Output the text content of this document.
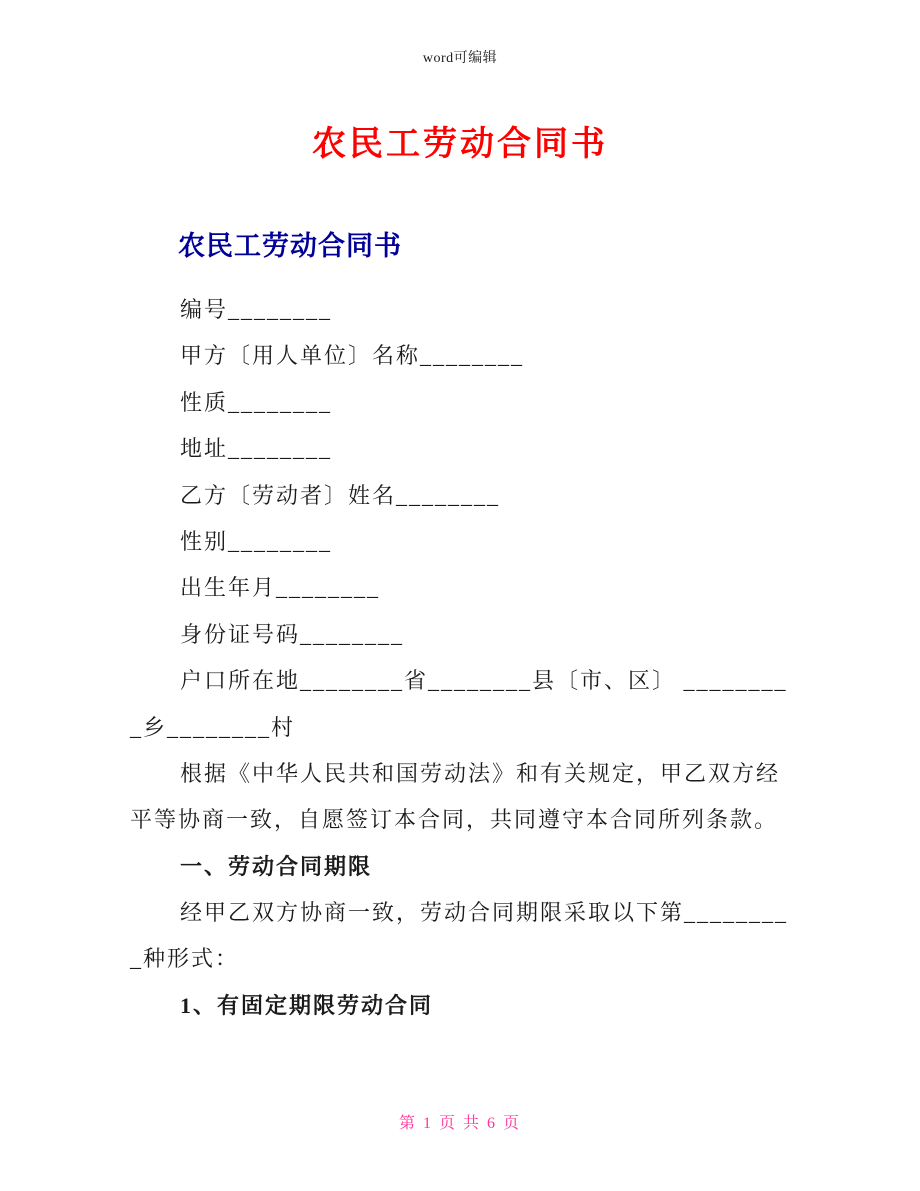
word可编辑
农民工劳动合同书
农民工劳动合同书
编号________
甲方〔用人单位〕名称________
性质________
地址________
乙方〔劳动者〕姓名________
性别________
出生年月________
身份证号码________
户口所在地________省________县〔市、区〕 ________
_乡________村
根据《中华人民共和国劳动法》和有关规定，甲乙双方经
平等协商一致，自愿签订本合同，共同遵守本合同所列条款。
一、劳动合同期限
经甲乙双方协商一致，劳动合同期限采取以下第________
_种形式：
1、有固定期限劳动合同
第 1 页 共 6 页
